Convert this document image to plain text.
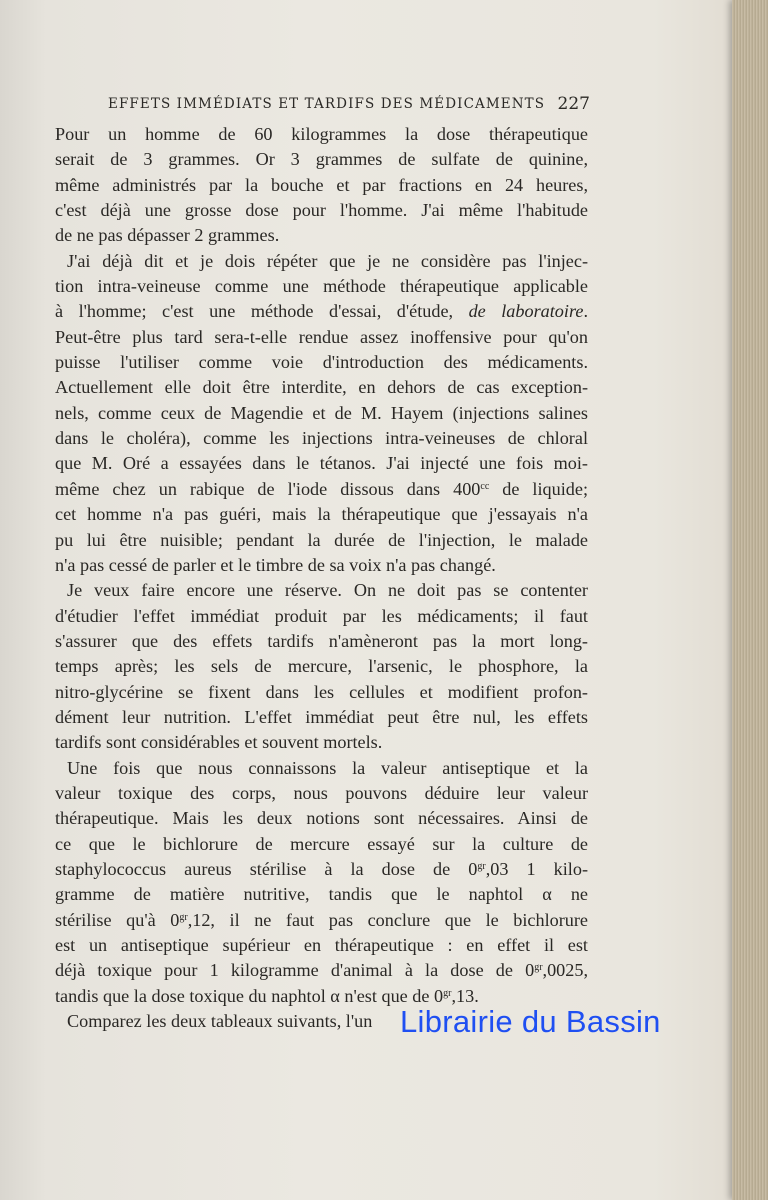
EFFETS IMMÉDIATS ET TARDIFS DES MÉDICAMENTS 227
Pour un homme de 60 kilogrammes la dose thérapeutique
serait de 3 grammes. Or 3 grammes de sulfate de quinine,
même administrés par la bouche et par fractions en 24 heures,
c'est déjà une grosse dose pour l'homme. J'ai même l'habitude
de ne pas dépasser 2 grammes.
J'ai déjà dit et je dois répéter que je ne considère pas l'injec-
tion intra-veineuse comme une méthode thérapeutique applicable
à l'homme; c'est une méthode d'essai, d'étude, de laboratoire.
Peut-être plus tard sera-t-elle rendue assez inoffensive pour qu'on
puisse l'utiliser comme voie d'introduction des médicaments.
Actuellement elle doit être interdite, en dehors de cas exception-
nels, comme ceux de Magendie et de M. Hayem (injections salines
dans le choléra), comme les injections intra-veineuses de chloral
que M. Oré a essayées dans le tétanos. J'ai injecté une fois moi-
même chez un rabique de l'iode dissous dans $400^{cc}$ de liquide;
cet homme n'a pas guéri, mais la thérapeutique que j'essayais n'a
pu lui être nuisible; pendant la durée de l'injection, le malade
n'a pas cessé de parler et le timbre de sa voix n'a pas changé.
Je veux faire encore une réserve. On ne doit pas se contenter
d'étudier l'effet immédiat produit par les médicaments; il faut
s'assurer que des effets tardifs n'amèneront pas la mort long-
temps après; les sels de mercure, l'arsenic, le phosphore, la
nitro-glycérine se fixent dans les cellules et modifient profon-
dément leur nutrition. L'effet immédiat peut être nul, les effets
tardifs sont considérables et souvent mortels.
Une fois que nous connaissons la valeur antiseptique et la
valeur toxique des corps, nous pouvons déduire leur valeur
thérapeutique. Mais les deux notions sont nécessaires. Ainsi de
ce que le bichlorure de mercure essayé sur la culture de
staphylococcus aureus stérilise à la dose de $0^{gr},03$ 1 kilo-
gramme de matière nutritive, tandis que le naphtol α ne
stérilise qu'à $0^{gr},12$, il ne faut pas conclure que le bichlorure
est un antiseptique supérieur en thérapeutique : en effet il est
déjà toxique pour 1 kilogramme d'animal à la dose de $0^{gr},0025$,
tandis que la dose toxique du naphtol α n'est que de $0^{gr},13$.
Comparez les deux tableaux suivants, l'un Librairie du Bassin
